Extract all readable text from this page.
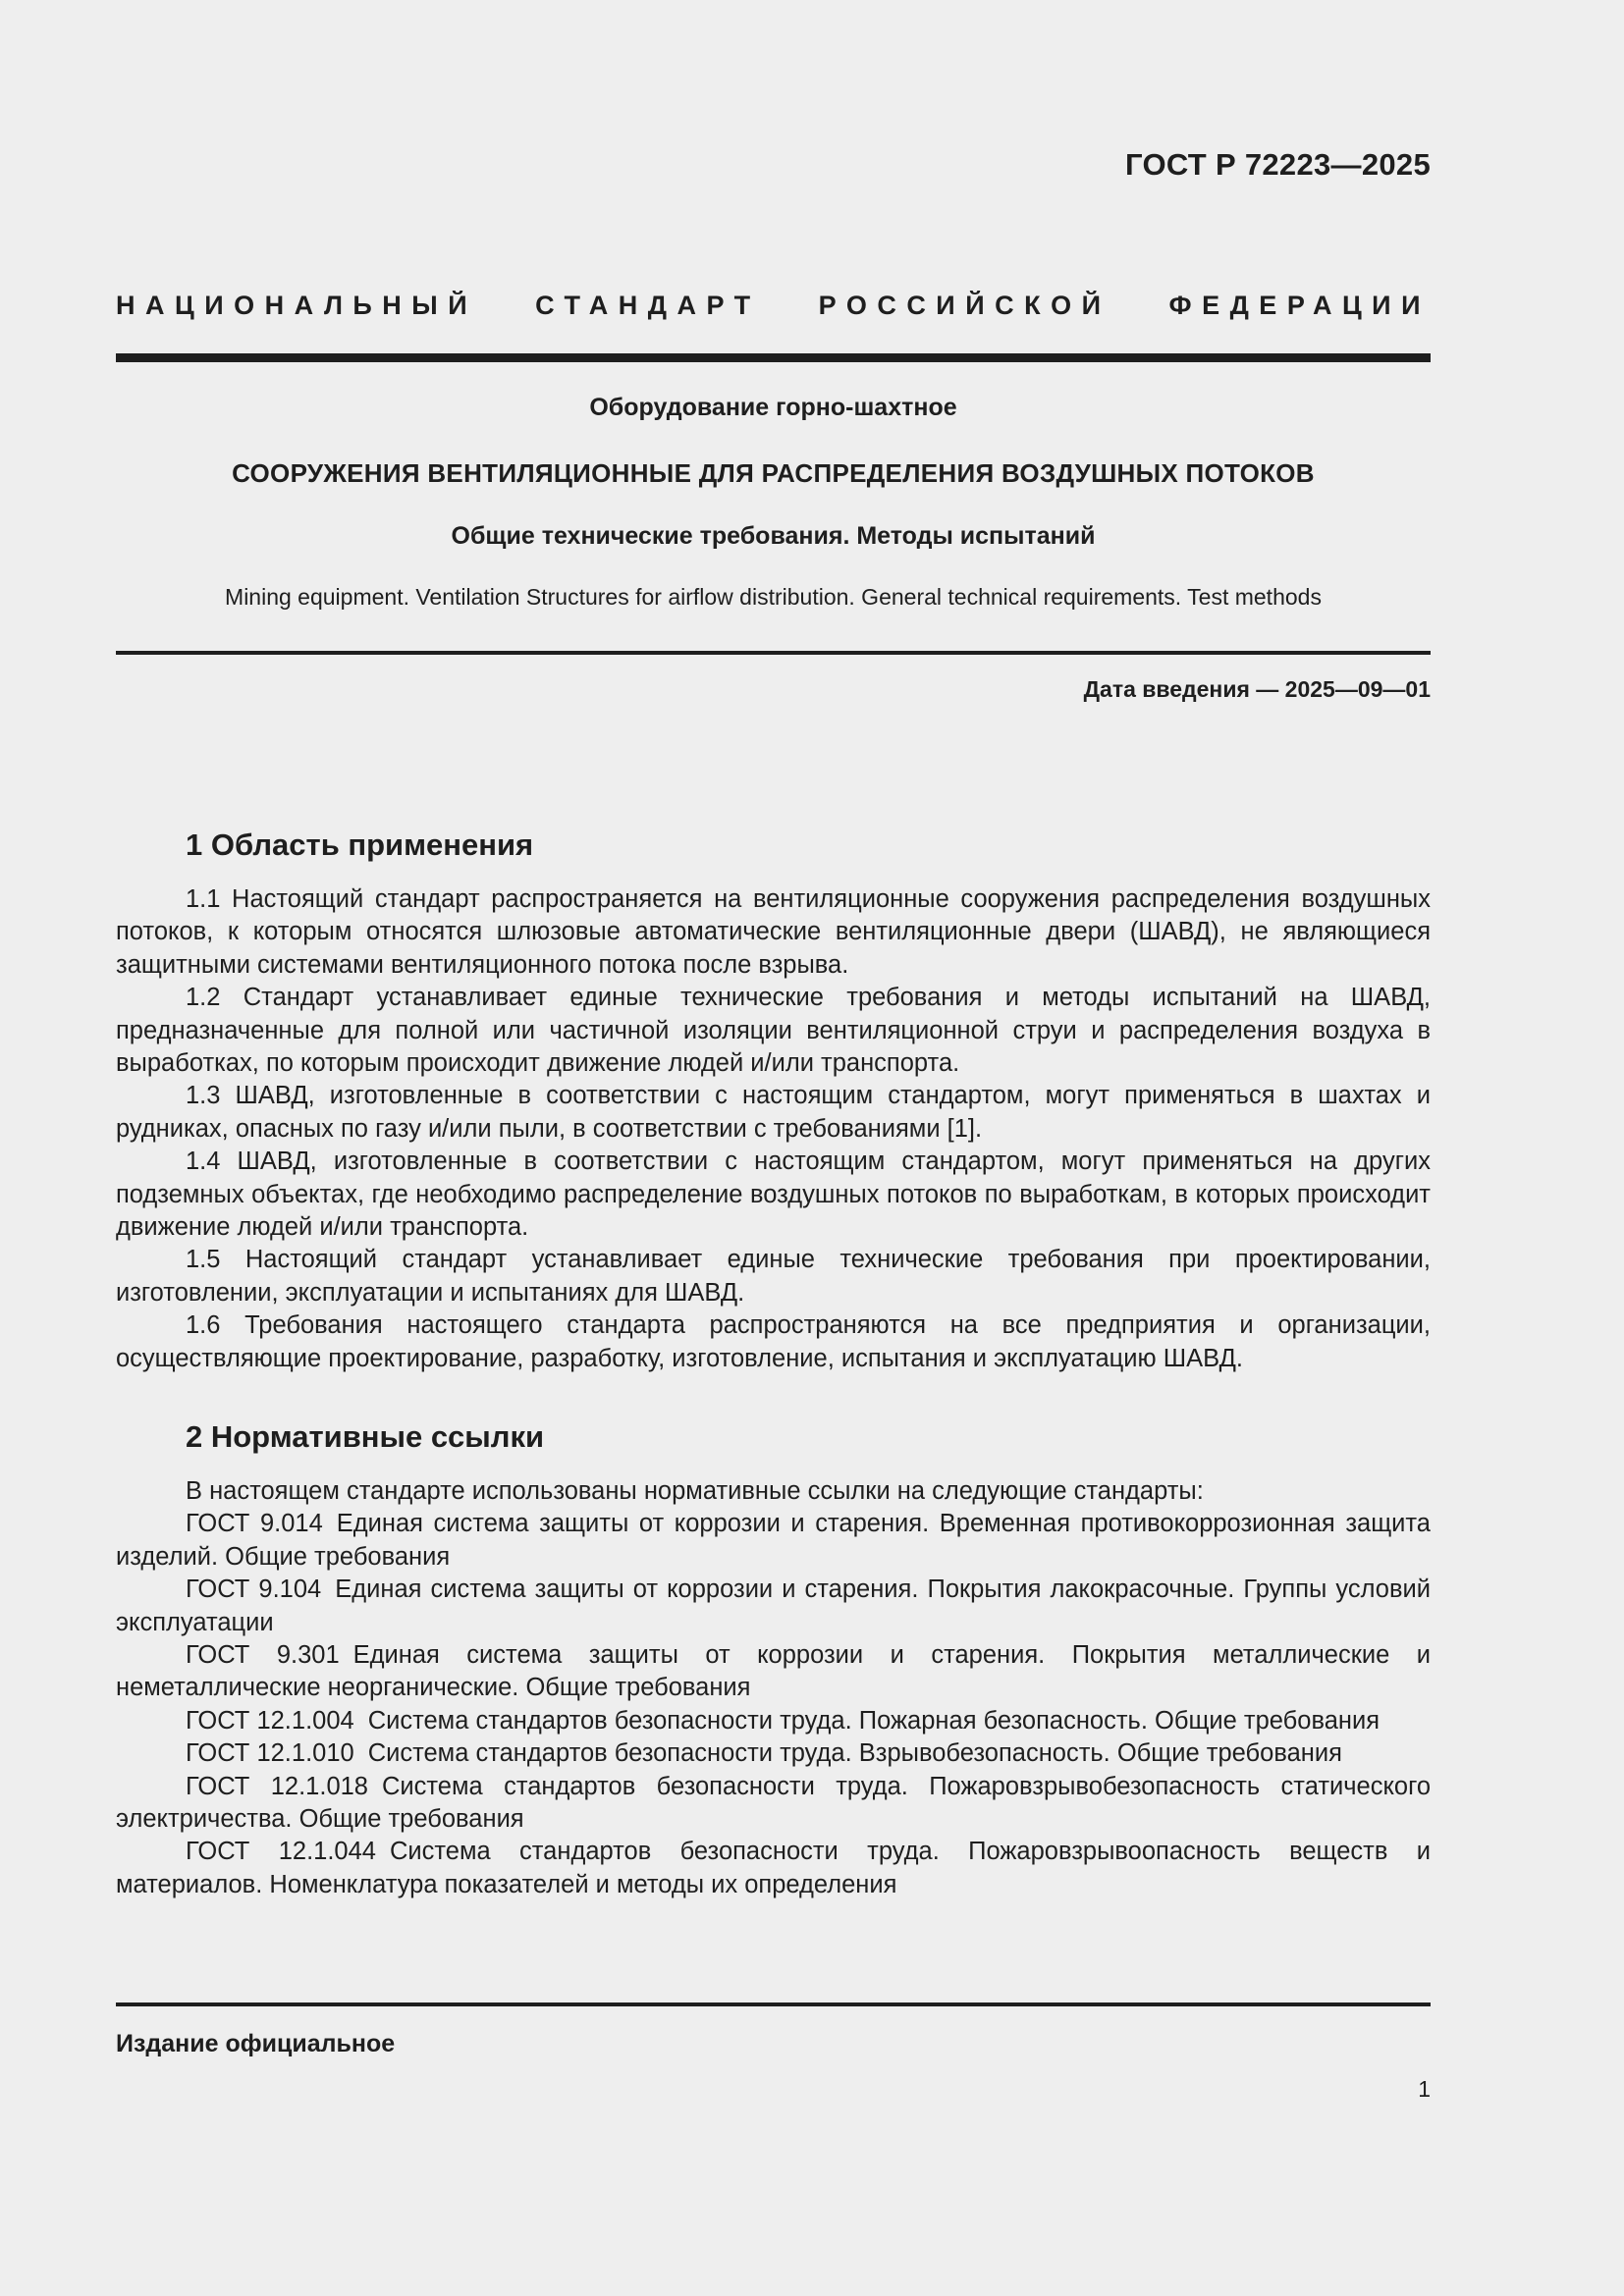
ГОСТ Р 72223—2025
НАЦИОНАЛЬНЫЙ СТАНДАРТ РОССИЙСКОЙ ФЕДЕРАЦИИ
Оборудование горно-шахтное
СООРУЖЕНИЯ ВЕНТИЛЯЦИОННЫЕ ДЛЯ РАСПРЕДЕЛЕНИЯ ВОЗДУШНЫХ ПОТОКОВ
Общие технические требования. Методы испытаний
Mining equipment. Ventilation Structures for airflow distribution. General technical requirements. Test methods
Дата введения — 2025—09—01
1 Область применения

1.1 Настоящий стандарт распространяется на вентиляционные сооружения распределения воздушных потоков, к которым относятся шлюзовые автоматические вентиляционные двери (ШАВД), не являющиеся защитными системами вентиляционного потока после взрыва.

1.2 Стандарт устанавливает единые технические требования и методы испытаний на ШАВД, предназначенные для полной или частичной изоляции вентиляционной струи и распределения воздуха в выработках, по которым происходит движение людей и/или транспорта.

1.3 ШАВД, изготовленные в соответствии с настоящим стандартом, могут применяться в шахтах и рудниках, опасных по газу и/или пыли, в соответствии с требованиями [1].

1.4 ШАВД, изготовленные в соответствии с настоящим стандартом, могут применяться на других подземных объектах, где необходимо распределение воздушных потоков по выработкам, в которых происходит движение людей и/или транспорта.

1.5 Настоящий стандарт устанавливает единые технические требования при проектировании, изготовлении, эксплуатации и испытаниях для ШАВД.

1.6 Требования настоящего стандарта распространяются на все предприятия и организации, осуществляющие проектирование, разработку, изготовление, испытания и эксплуатацию ШАВД.

2 Нормативные ссылки

В настоящем стандарте использованы нормативные ссылки на следующие стандарты:

ГОСТ 9.014 Единая система защиты от коррозии и старения. Временная противокоррозионная защита изделий. Общие требования

ГОСТ 9.104 Единая система защиты от коррозии и старения. Покрытия лакокрасочные. Группы условий эксплуатации

ГОСТ 9.301 Единая система защиты от коррозии и старения. Покрытия металлические и неметаллические неорганические. Общие требования

ГОСТ 12.1.004 Система стандартов безопасности труда. Пожарная безопасность. Общие требования

ГОСТ 12.1.010 Система стандартов безопасности труда. Взрывобезопасность. Общие требования

ГОСТ 12.1.018 Система стандартов безопасности труда. Пожаровзрывобезопасность статического электричества. Общие требования

ГОСТ 12.1.044 Система стандартов безопасности труда. Пожаровзрывоопасность веществ и материалов. Номенклатура показателей и методы их определения

Издание официальное
1
